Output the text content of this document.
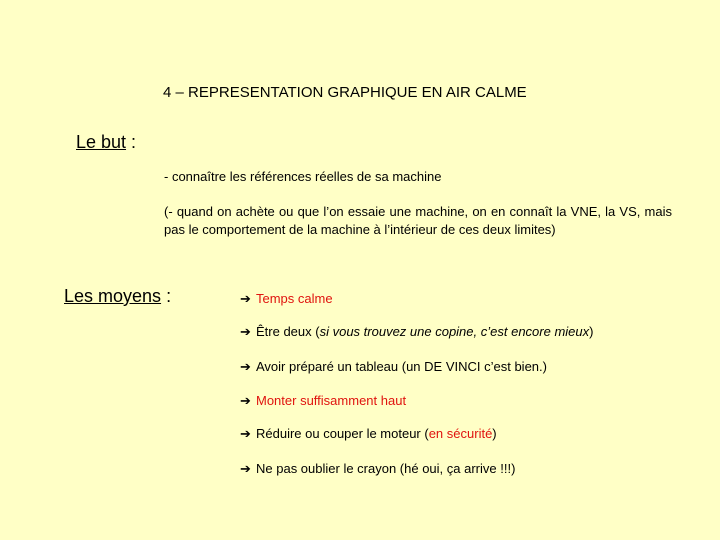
4 – REPRESENTATION GRAPHIQUE EN AIR CALME
Le but :
- connaître les références réelles de sa machine
(- quand on achète ou que l’on essaie une machine, on en connaît la VNE, la VS, mais pas le comportement de la machine à l’intérieur de ces deux limites)
Les moyens :	➔ Temps calme
➔ Être deux (si vous trouvez une copine, c’est encore mieux)
➔ Avoir préparé un tableau (un DE VINCI c’est bien.)
➔ Monter suffisamment haut
➔ Réduire ou couper le moteur (en sécurité)
➔ Ne pas oublier le crayon (hé oui, ça arrive !!!)
